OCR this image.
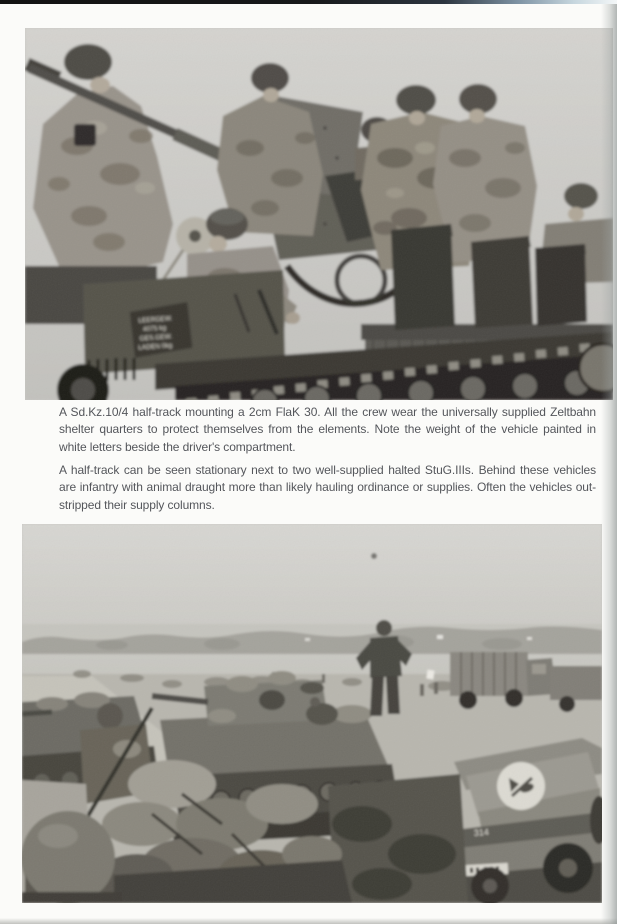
A Sd.Kz.10/4 half-track mounting a 2cm FlaK 30. All the crew wear the universally supplied Zeltbahn shelter quarters to protect themselves from the elements. Note the weight of the vehicle painted in white letters beside the driver's compartment.

A half-track can be seen stationary next to two well-supplied halted StuG.IIIs. Behind these vehicles are infantry with animal draught more than likely hauling ordinance or supplies. Often the vehicles out-stripped their supply columns.
